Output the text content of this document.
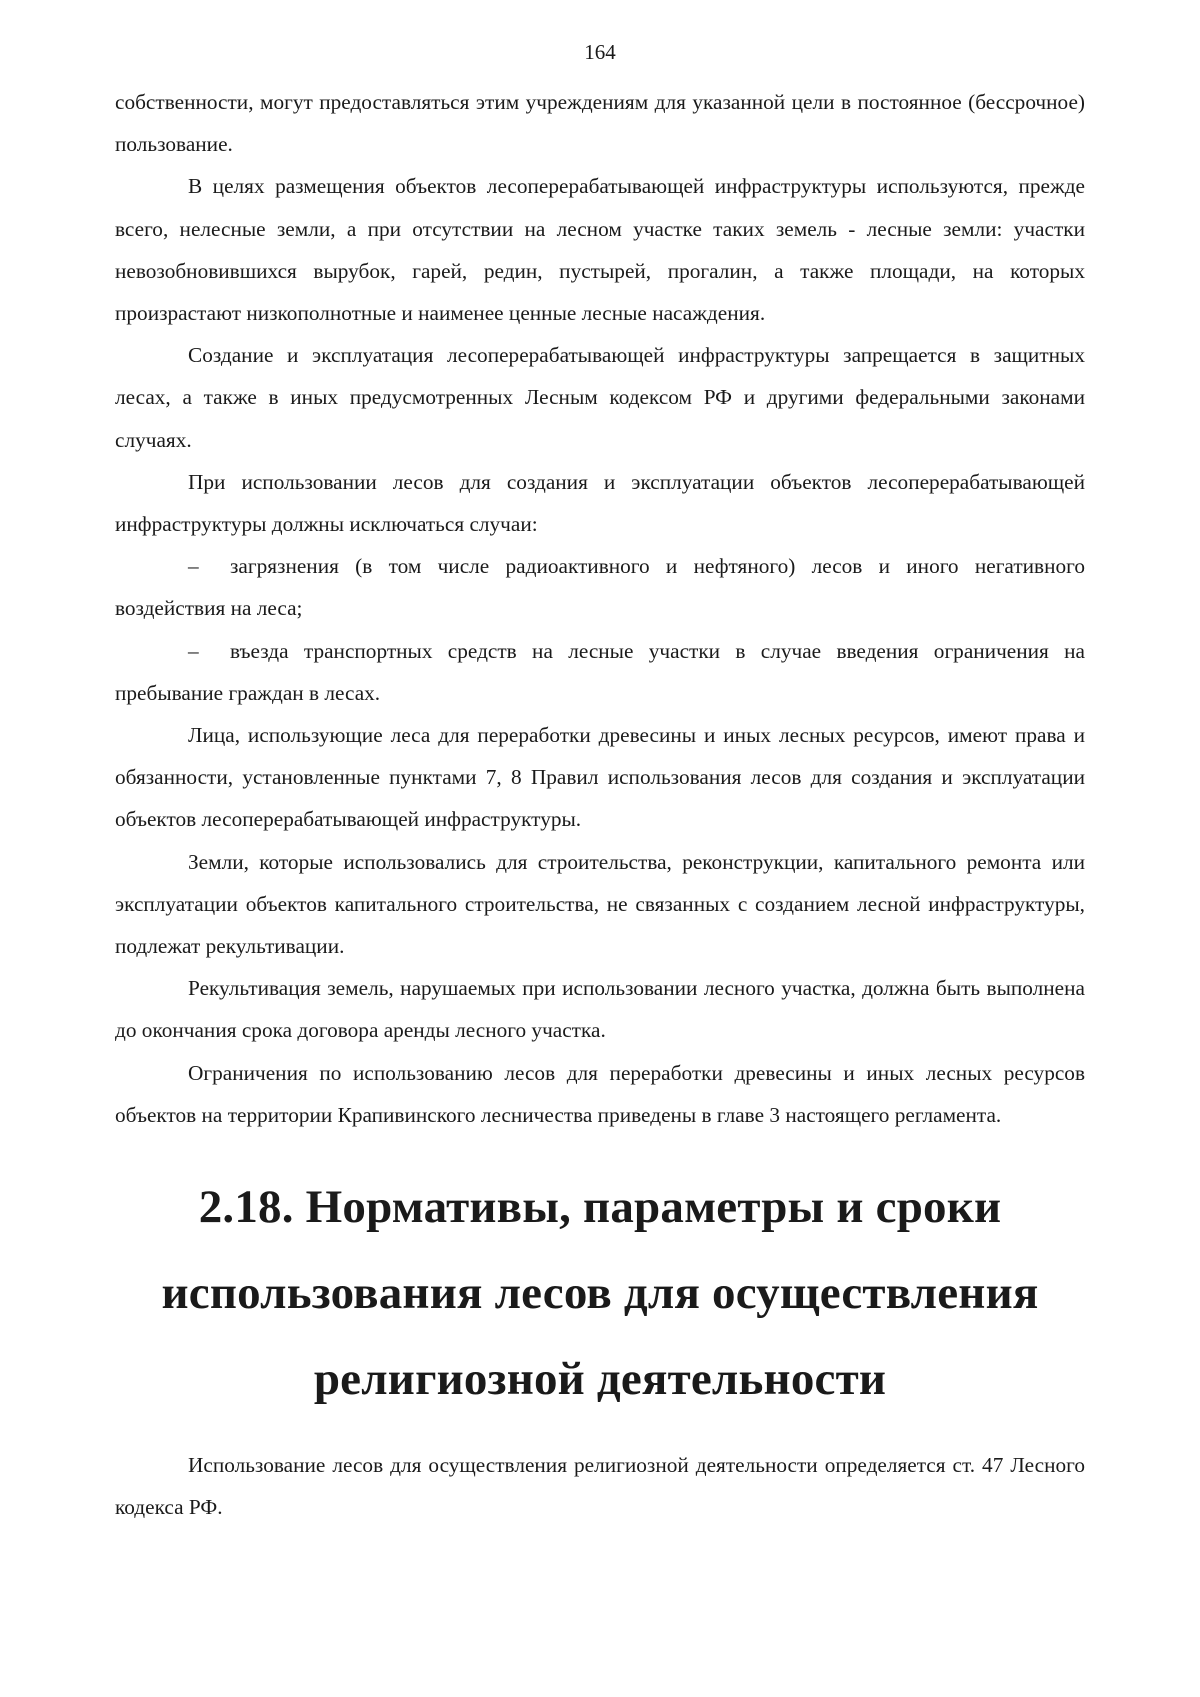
164

собственности, могут предоставляться этим учреждениям для указанной цели в постоянное (бессрочное) пользование.

В целях размещения объектов лесоперерабатывающей инфраструктуры используются, прежде всего, нелесные земли, а при отсутствии на лесном участке таких земель - лесные земли: участки невозобновившихся вырубок, гарей, редин, пустырей, прогалин, а также площади, на которых произрастают низкополнотные и наименее ценные лесные насаждения.

Создание и эксплуатация лесоперерабатывающей инфраструктуры запрещается в защитных лесах, а также в иных предусмотренных Лесным кодексом РФ и другими федеральными законами случаях.

При использовании лесов для создания и эксплуатации объектов лесоперерабатывающей инфраструктуры должны исключаться случаи:

– загрязнения (в том числе радиоактивного и нефтяного) лесов и иного негативного воздействия на леса;

– въезда транспортных средств на лесные участки в случае введения ограничения на пребывание граждан в лесах.

Лица, использующие леса для переработки древесины и иных лесных ресурсов, имеют права и обязанности, установленные пунктами 7, 8 Правил использования лесов для создания и эксплуатации объектов лесоперерабатывающей инфраструктуры.

Земли, которые использовались для строительства, реконструкции, капитального ремонта или эксплуатации объектов капитального строительства, не связанных с созданием лесной инфраструктуры, подлежат рекультивации.

Рекультивация земель, нарушаемых при использовании лесного участка, должна быть выполнена до окончания срока договора аренды лесного участка.

Ограничения по использованию лесов для переработки древесины и иных лесных ресурсов объектов на территории Крапивинского лесничества приведены в главе 3 настоящего регламента.

2.18. Нормативы, параметры и сроки
использования лесов для осуществления
религиозной деятельности

Использование лесов для осуществления религиозной деятельности определяется ст. 47 Лесного кодекса РФ.
